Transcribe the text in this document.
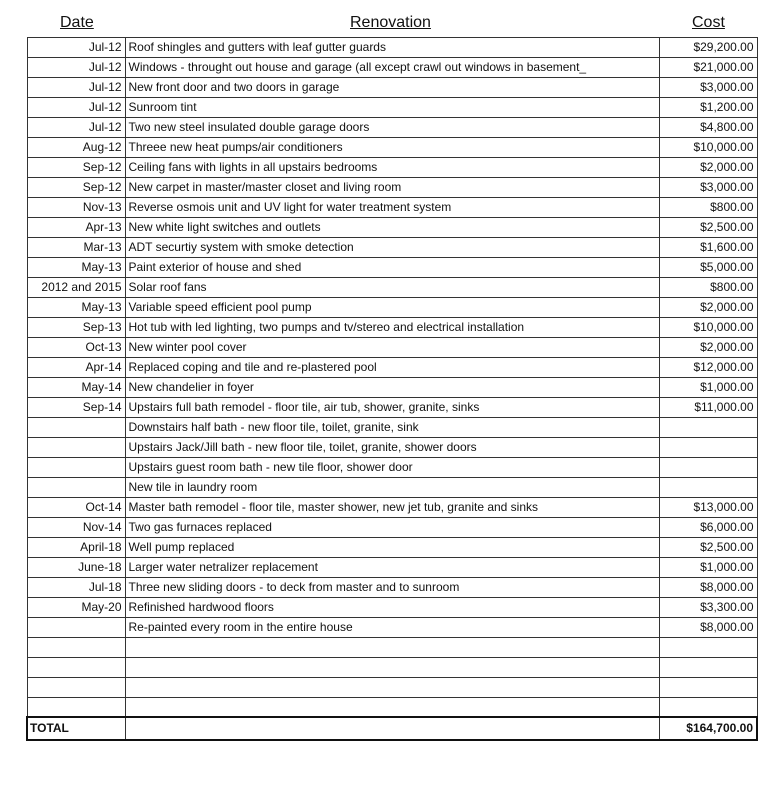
Date	Renovation	Cost
Jul-12	Roof shingles and gutters with leaf gutter guards	$29,200.00
Jul-12	Windows - throught out house and garage (all except crawl out windows in basement_	$21,000.00
Jul-12	New front door and two doors in garage	$3,000.00
Jul-12	Sunroom tint	$1,200.00
Jul-12	Two new steel insulated double garage doors	$4,800.00
Aug-12	Threee new heat pumps/air conditioners	$10,000.00
Sep-12	Ceiling fans with lights in all upstairs bedrooms	$2,000.00
Sep-12	New carpet in master/master closet and living room	$3,000.00
Nov-13	Reverse osmois unit and UV light for water treatment system	$800.00
Apr-13	New white light switches and outlets	$2,500.00
Mar-13	ADT securtiy system with smoke detection	$1,600.00
May-13	Paint exterior of house and shed	$5,000.00
2012 and 2015	Solar roof fans	$800.00
May-13	Variable speed efficient pool pump	$2,000.00
Sep-13	Hot tub with led lighting, two pumps and tv/stereo and electrical installation	$10,000.00
Oct-13	New winter pool cover	$2,000.00
Apr-14	Replaced coping and tile and re-plastered pool	$12,000.00
May-14	New chandelier in foyer	$1,000.00
Sep-14	Upstairs full bath remodel - floor tile, air tub, shower, granite, sinks	$11,000.00
	Downstairs half bath - new floor tile, toilet, granite, sink	
	Upstairs Jack/Jill bath - new floor tile, toilet, granite, shower doors	
	Upstairs guest room bath - new tile floor, shower door	
	New tile in laundry room	
Oct-14	Master bath remodel - floor tile, master shower, new jet tub, granite and sinks	$13,000.00
Nov-14	Two gas furnaces replaced	$6,000.00
April-18	Well pump replaced	$2,500.00
June-18	Larger water netralizer replacement	$1,000.00
Jul-18	Three new sliding doors - to deck from master and to sunroom	$8,000.00
May-20	Refinished hardwood floors	$3,300.00
	Re-painted every room in the entire house	$8,000.00

TOTAL		$164,700.00
